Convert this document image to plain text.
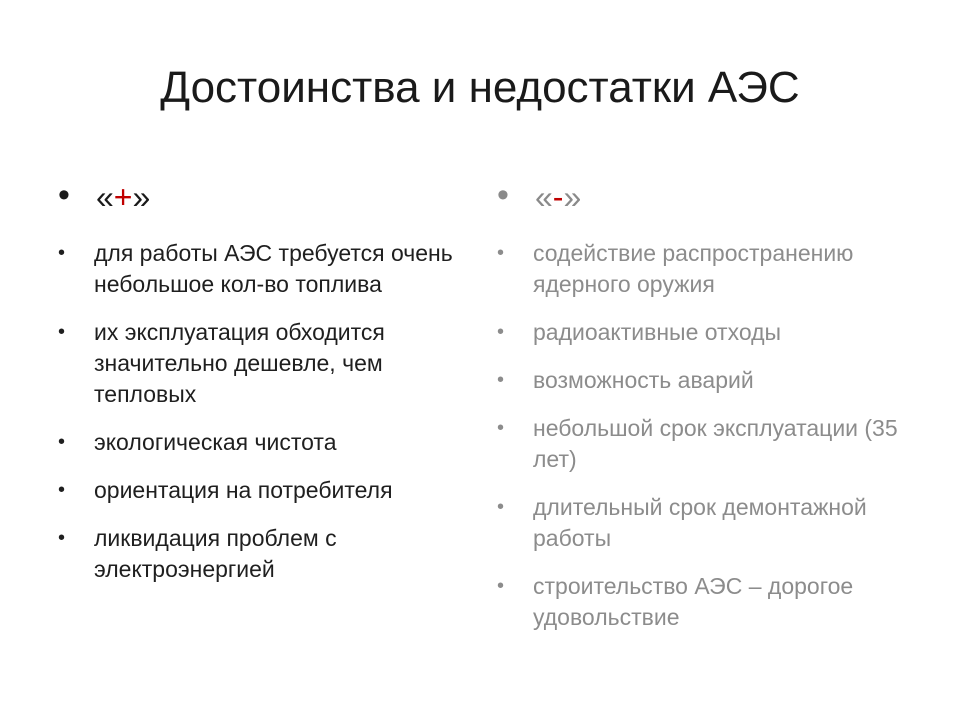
Достоинства и недостатки АЭС
• «+»
• для работы АЭС требуется очень небольшое кол-во топлива
• их эксплуатация обходится значительно дешевле, чем тепловых
• экологическая чистота
• ориентация на потребителя
• ликвидация проблем с электроэнергией
• «-»
• содействие распространению ядерного оружия
• радиоактивные отходы
• возможность аварий
• небольшой срок эксплуатации (35 лет)
• длительный срок демонтажной работы
• строительство АЭС – дорогое удовольствие
